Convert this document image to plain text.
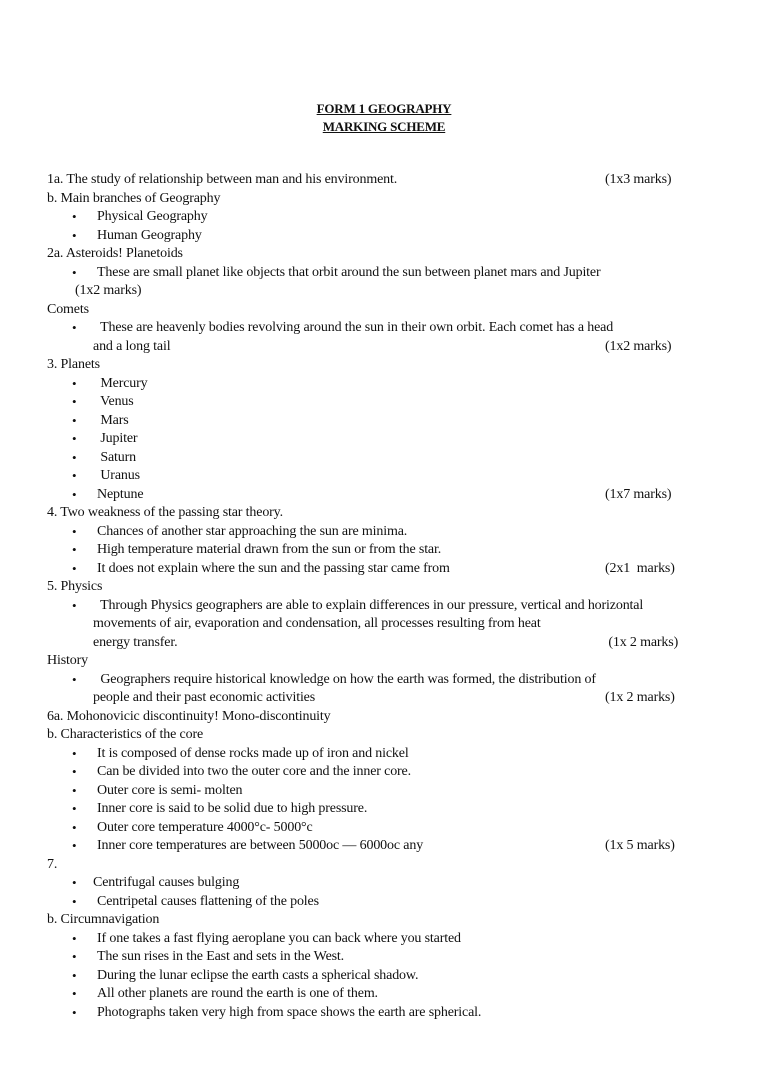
FORM 1 GEOGRAPHY
MARKING SCHEME
1a. The study of relationship between man and his environment.	(1x3 marks)
b. Main branches of Geography
• Physical Geography
• Human Geography
2a. Asteroids! Planetoids
• These are small planet like objects that orbit around the sun between planet mars and Jupiter
(1x2 marks)
Comets
• These are heavenly bodies revolving around the sun in their own orbit. Each comet has a head
and a long tail	(1x2 marks)
3. Planets
• Mercury
• Venus
• Mars
• Jupiter
• Saturn
• Uranus
• Neptune	(1x7 marks)
4. Two weakness of the passing star theory.
• Chances of another star approaching the sun are minima.
• High temperature material drawn from the sun or from the star.
• It does not explain where the sun and the passing star came from	(2x1  marks)
5. Physics
• Through Physics geographers are able to explain differences in our pressure, vertical and horizontal
movements of air, evaporation and condensation, all processes resulting from heat
energy transfer.	(1x 2 marks)
History
• Geographers require historical knowledge on how the earth was formed, the distribution of
people and their past economic activities	(1x 2 marks)
6a. Mohonovicic discontinuity! Mono-discontinuity
b. Characteristics of the core
• It is composed of dense rocks made up of iron and nickel
• Can be divided into two the outer core and the inner core.
• Outer core is semi- molten
• Inner core is said to be solid due to high pressure.
• Outer core temperature 4000°c- 5000°c
• Inner core temperatures are between 5000oc — 6000oc any	(1x 5 marks)
7.
• Centrifugal causes bulging
• Centripetal causes flattening of the poles
b. Circumnavigation
• If one takes a fast flying aeroplane you can back where you started
• The sun rises in the East and sets in the West.
• During the lunar eclipse the earth casts a spherical shadow.
• All other planets are round the earth is one of them.
• Photographs taken very high from space shows the earth are spherical.
